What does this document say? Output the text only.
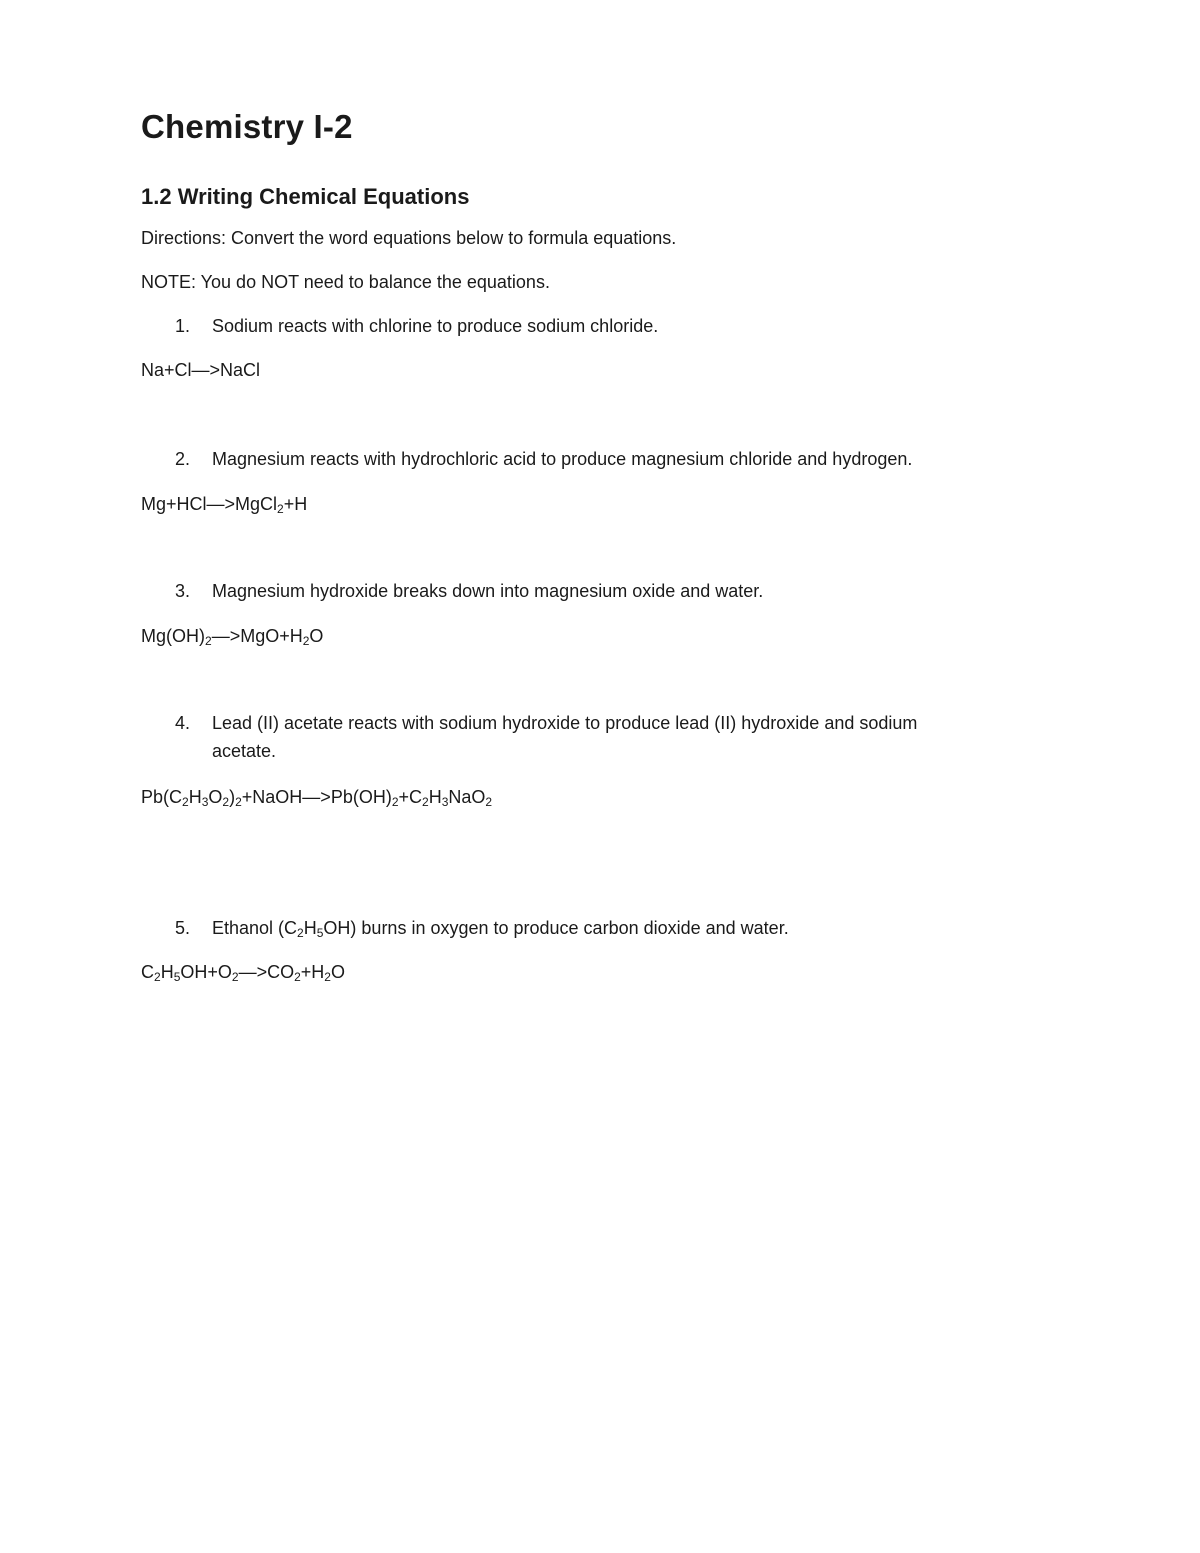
Chemistry I-2
1.2 Writing Chemical Equations
Directions: Convert the word equations below to formula equations.
NOTE: You do NOT need to balance the equations.
1. Sodium reacts with chlorine to produce sodium chloride.
Na+Cl—>NaCl
2. Magnesium reacts with hydrochloric acid to produce magnesium chloride and hydrogen.
Mg+HCl—>MgCl$_2$+H
3. Magnesium hydroxide breaks down into magnesium oxide and water.
$Mg(OH)_2—>MgO+H_2O$
4. Lead (II) acetate reacts with sodium hydroxide to produce lead (II) hydroxide and sodium
acetate.
$Pb(C_2H_3O_2)_2+NaOH—>Pb(OH)_2+C_2H_3NaO_2$
5. Ethanol $(C_2H_5OH)$ burns in oxygen to produce carbon dioxide and water.
$C_2H_5OH+O_2—>CO_2+H_2O$
